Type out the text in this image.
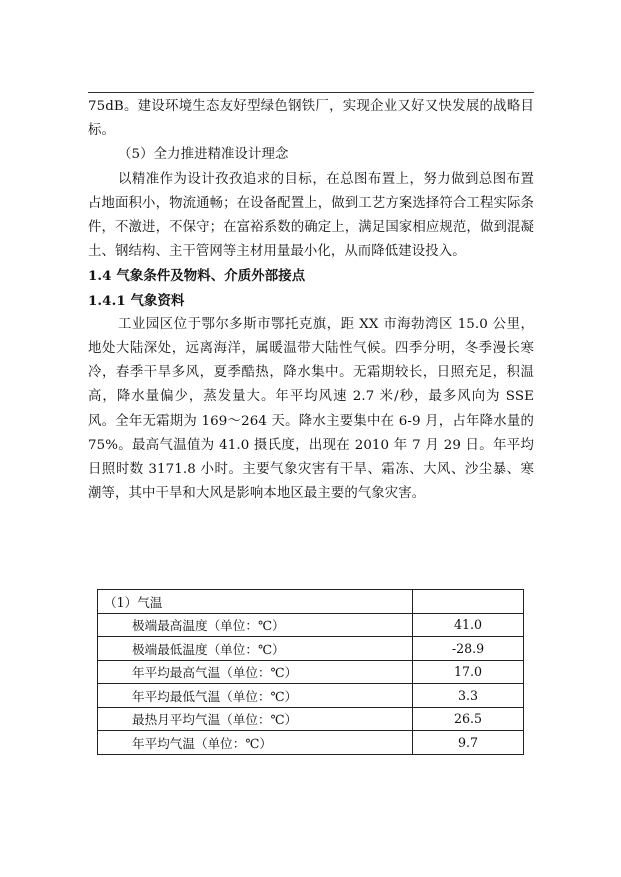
75dB。建设环境生态友好型绿色钢铁厂，实现企业又好又快发展的战略目标。

（5）全力推进精准设计理念

以精准作为设计孜孜追求的目标，在总图布置上，努力做到总图布置占地面积小，物流通畅；在设备配置上，做到工艺方案选择符合工程实际条件，不激进，不保守；在富裕系数的确定上，满足国家相应规范，做到混凝土、钢结构、主干管网等主材用量最小化，从而降低建设投入。

1.4 气象条件及物料、介质外部接点

1.4.1 气象资料

工业园区位于鄂尔多斯市鄂托克旗，距 XX 市海勃湾区 15.0 公里，地处大陆深处，远离海洋，属暖温带大陆性气候。四季分明，冬季漫长寒冷，春季干旱多风，夏季酷热，降水集中。无霜期较长，日照充足，积温高，降水量偏少，蒸发量大。年平均风速 2.7 米/秒，最多风向为 SSE 风。全年无霜期为 169～264 天。降水主要集中在 6-9 月，占年降水量的 75%。最高气温值为 41.0 摄氏度，出现在 2010 年 7 月 29 日。年平均日照时数 3171.8 小时。主要气象灾害有干旱、霜冻、大风、沙尘暴、寒潮等，其中干旱和大风是影响本地区最主要的气象灾害。

（1）气温	
极端最高温度（单位：℃）	41.0
极端最低温度（单位：℃）	-28.9
年平均最高气温（单位：℃）	17.0
年平均最低气温（单位：℃）	3.3
最热月平均气温（单位：℃）	26.5
年平均气温（单位：℃）	9.7
